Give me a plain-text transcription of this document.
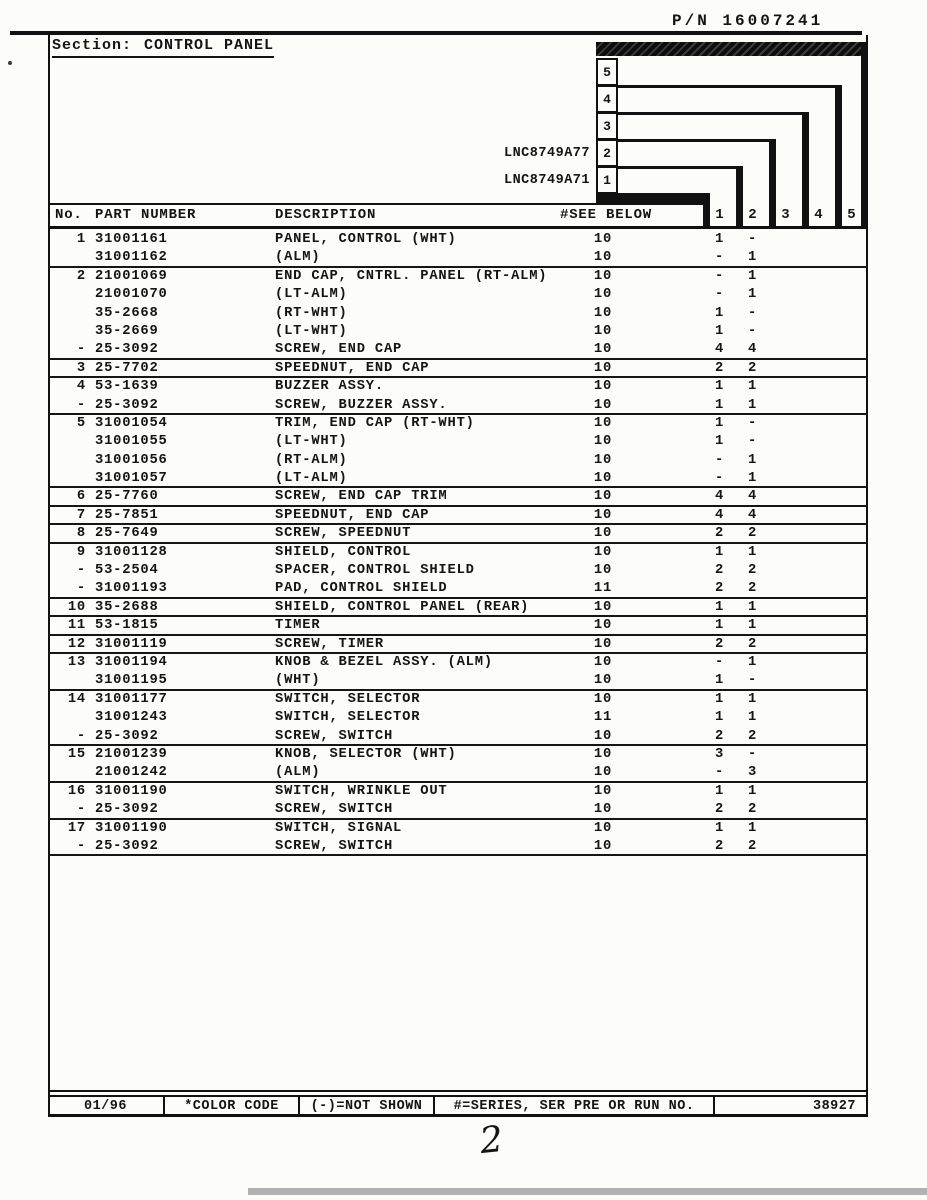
P/N 16007241
Section: CONTROL PANEL
5
4
3
2
1
LNC8749A77
LNC8749A71
No. PART NUMBER	DESCRIPTION	#SEE BELOW	1	2	3	4	5
1 31001161	PANEL, CONTROL (WHT)	10	1	-
31001162	(ALM)	10	-	1
2 21001069	END CAP, CNTRL. PANEL (RT-ALM)	10	-	1
21001070	(LT-ALM)	10	-	1
35-2668	(RT-WHT)	10	1	-
35-2669	(LT-WHT)	10	1	-
- 25-3092	SCREW, END CAP	10	4	4
3 25-7702	SPEEDNUT, END CAP	10	2	2
4 53-1639	BUZZER ASSY.	10	1	1
- 25-3092	SCREW, BUZZER ASSY.	10	1	1
5 31001054	TRIM, END CAP (RT-WHT)	10	1	-
31001055	(LT-WHT)	10	1	-
31001056	(RT-ALM)	10	-	1
31001057	(LT-ALM)	10	-	1
6 25-7760	SCREW, END CAP TRIM	10	4	4
7 25-7851	SPEEDNUT, END CAP	10	4	4
8 25-7649	SCREW, SPEEDNUT	10	2	2
9 31001128	SHIELD, CONTROL	10	1	1
- 53-2504	SPACER, CONTROL SHIELD	10	2	2
- 31001193	PAD, CONTROL SHIELD	11	2	2
10 35-2688	SHIELD, CONTROL PANEL (REAR)	10	1	1
11 53-1815	TIMER	10	1	1
12 31001119	SCREW, TIMER	10	2	2
13 31001194	KNOB & BEZEL ASSY. (ALM)	10	-	1
31001195	(WHT)	10	1	-
14 31001177	SWITCH, SELECTOR	10	1	1
31001243	SWITCH, SELECTOR	11	1	1
- 25-3092	SCREW, SWITCH	10	2	2
15 21001239	KNOB, SELECTOR (WHT)	10	3	-
21001242	(ALM)	10	-	3
16 31001190	SWITCH, WRINKLE OUT	10	1	1
- 25-3092	SCREW, SWITCH	10	2	2
17 31001190	SWITCH, SIGNAL	10	1	1
- 25-3092	SCREW, SWITCH	10	2	2
01/96	*COLOR CODE	(-)=NOT SHOWN	#=SERIES, SER PRE OR RUN NO.	38927
2
